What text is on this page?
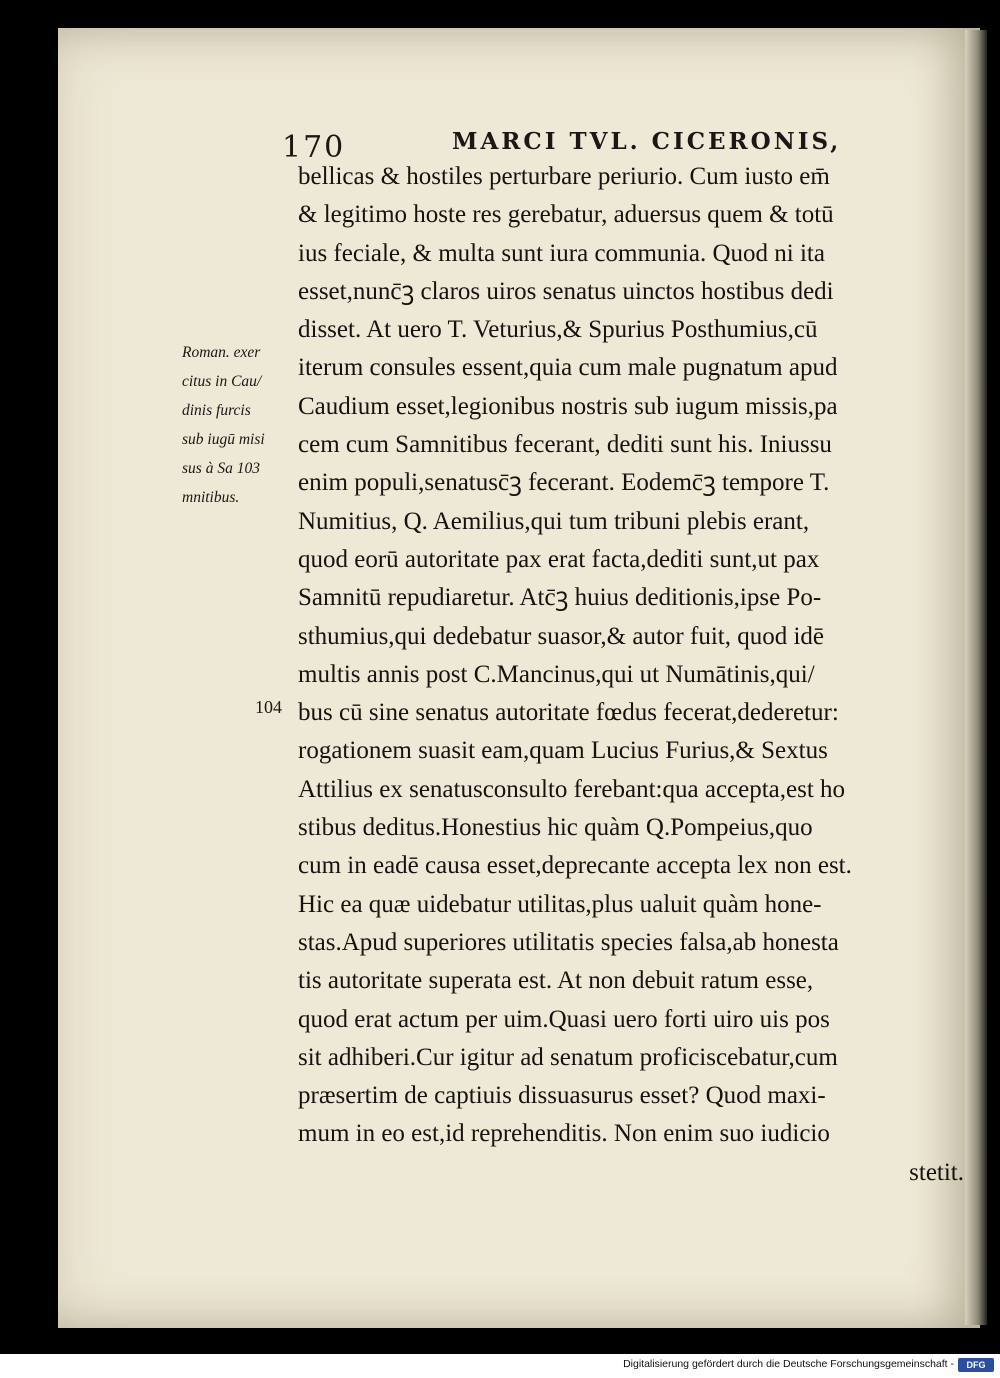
170	MARCI TVL. CICERONIS,
Roman. exer
citus in Cau/
dinis furcis
sub iugū misi
sus à Sa 103
mnitibus.
104
bellicas & hostiles perturbare periurio. Cum iusto em̄
& legitimo hoste res gerebatur, aduersus quem & totū
ius feciale, & multa sunt iura communia. Quod ni ita
esset,nunc̄ꝫ claros uiros senatus uinctos hostibus dedi
disset. At uero T. Veturius,& Spurius Posthumius,cū
iterum consules essent,quia cum male pugnatum apud
Caudium esset,legionibus nostris sub iugum missis,pa
cem cum Samnitibus fecerant, dediti sunt his. Iniussu
enim populi,senatusc̄ꝫ fecerant. Eodemc̄ꝫ tempore T.
Numitius, Q. Aemilius,qui tum tribuni plebis erant,
quod eorū autoritate pax erat facta,dediti sunt,ut pax
Samnitū repudiaretur. Atc̄ꝫ huius deditionis,ipse Po-
sthumius,qui dedebatur suasor,& autor fuit, quod idē
multis annis post C.Mancinus,qui ut Numātinis,qui/
bus cū sine senatus autoritate fœdus fecerat,dederetur:
rogationem suasit eam,quam Lucius Furius,& Sextus
Attilius ex senatusconsulto ferebant:qua accepta,est ho
stibus deditus.Honestius hic quàm Q.Pompeius,quo
cum in eadē causa esset,deprecante accepta lex non est.
Hic ea quæ uidebatur utilitas,plus ualuit quàm hone-
stas.Apud superiores utilitatis species falsa,ab honesta
tis autoritate superata est. At non debuit ratum esse,
quod erat actum per uim.Quasi uero forti uiro uis pos
sit adhiberi.Cur igitur ad senatum proficiscebatur,cum
præsertim de captiuis dissuasurus esset? Quod maxi-
mum in eo est,id reprehenditis. Non enim suo iudicio
stetit.
Digitalisierung gefördert durch die Deutsche Forschungsgemeinschaft -	DFG
